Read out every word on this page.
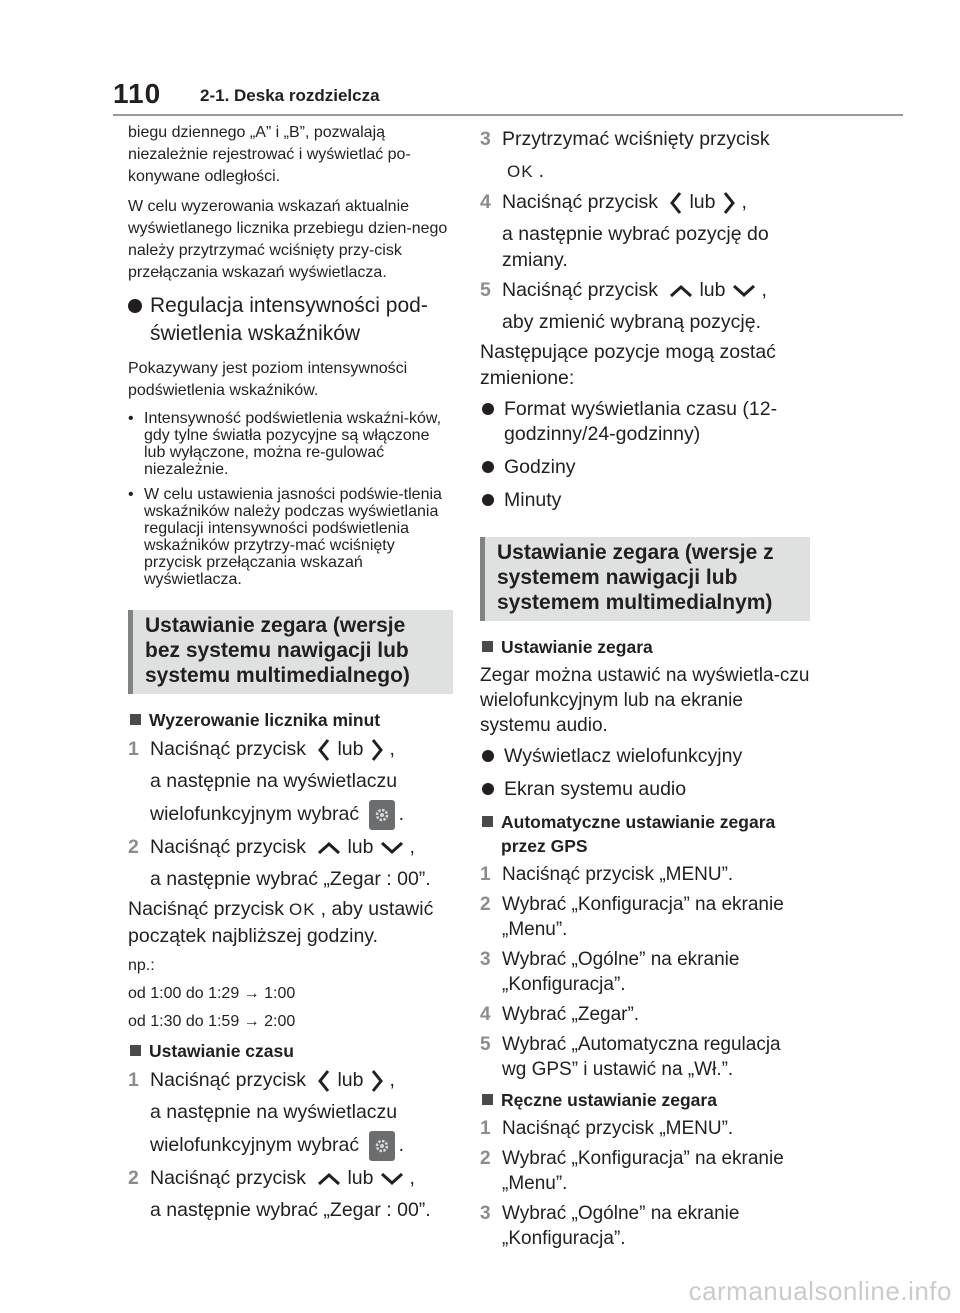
110 2-1. Deska rozdzielcza

biegu dziennego „A” i „B”, pozwalają niezależnie rejestrować i wyświetlać po-konywane odległości.

W celu wyzerowania wskazań aktualnie wyświetlanego licznika przebiegu dzien-nego należy przytrzymać wciśnięty przy-cisk przełączania wskazań wyświetlacza.

Regulacja intensywności pod-świetlenia wskaźników

Pokazywany jest poziom intensywności podświetlenia wskaźników.

• Intensywność podświetlenia wskaźni-ków, gdy tylne światła pozycyjne są włączone lub wyłączone, można re-gulować niezależnie.
• W celu ustawienia jasności podświe-tlenia wskaźników należy podczas wyświetlania regulacji intensywności podświetlenia wskaźników przytrzy-mać wciśnięty przycisk przełączania wskazań wyświetlacza.
Ustawianie zegara (wersje bez systemu nawigacji lub systemu multimedialnego)
Wyzerowanie licznika minut
1 Naciśnąć przycisk lub ,
a następnie na wyświetlaczu
wielofunkcyjnym wybrać .
2 Naciśnąć przycisk lub ,
a następnie wybrać „Zegar : 00”.

Naciśnąć przycisk OK , aby ustawić początek najbliższej godziny.

np.:

od 1:00 do 1:29 → 1:00

od 1:30 do 1:59 → 2:00

Ustawianie czasu
1 Naciśnąć przycisk lub ,
a następnie na wyświetlaczu
wielofunkcyjnym wybrać .
2 Naciśnąć przycisk lub ,
a następnie wybrać „Zegar : 00”.
3 Przytrzymać wciśnięty przycisk
OK .
4 Naciśnąć przycisk lub ,
a następnie wybrać pozycję do zmiany.
5 Naciśnąć przycisk lub ,
aby zmienić wybraną pozycję.

Następujące pozycje mogą zostać zmienione:

Format wyświetlania czasu (12-godzinny/24-godzinny)
Godziny
Minuty
Ustawianie zegara (wersje z systemem nawigacji lub systemem multimedialnym)
Ustawianie zegara

Zegar można ustawić na wyświetla-czu wielofunkcyjnym lub na ekranie systemu audio.

Wyświetlacz wielofunkcyjny
Ekran systemu audio
Automatyczne ustawianie zegara przez GPS
1 Naciśnąć przycisk „MENU”.
2 Wybrać „Konfiguracja” na ekranie „Menu”.
3 Wybrać „Ogólne” na ekranie „Konfiguracja”.
4 Wybrać „Zegar”.
5 Wybrać „Automatyczna regulacja wg GPS” i ustawić na „Wł.”.
Ręczne ustawianie zegara
1 Naciśnąć przycisk „MENU”.
2 Wybrać „Konfiguracja” na ekranie „Menu”.
3 Wybrać „Ogólne” na ekranie „Konfiguracja”.
carmanualsonline.info
